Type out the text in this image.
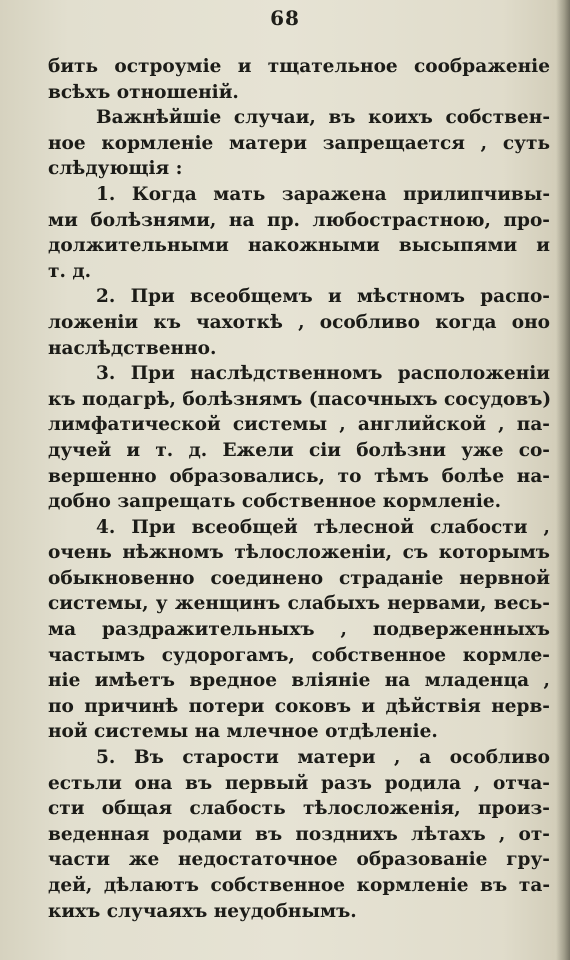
68
бить остроуміе и тщательное соображеніе
всѣхъ отношеній.
Важнѣйшіе случаи, въ коихъ собствен-
ное кормленіе матери запрещается , суть
слѣдующія :
1. Когда мать заражена прилипчивы-
ми болѣзнями, на пр. любострастною, про-
должительными накожными высыпями и
т. д.
2. При всеобщемъ и мѣстномъ распо-
ложеніи къ чахоткѣ , особливо когда оно
наслѣдственно.
3. При наслѣдственномъ расположеніи
къ подагрѣ, болѣзнямъ (пасочныхъ сосудовъ)
лимфатической системы , английской , па-
дучей и т. д. Ежели сіи болѣзни уже со-
вершенно образовались, то тѣмъ болѣе на-
добно запрещать собственное кормленіе.
4. При всеобщей тѣлесной слабости ,
очень нѣжномъ тѣлосложеніи, съ которымъ
обыкновенно соединено страданіе нервной
системы, у женщинъ слабыхъ нервами, весь-
ма раздражительныхъ , подверженныхъ
частымъ судорогамъ, собственное кормле-
ніе имѣетъ вредное вліяніе на младенца ,
по причинѣ потери соковъ и дѣйствія нерв-
ной системы на млечное отдѣленіе.
5. Въ старости матери , а особливо
естьли она въ первый разъ родила , отча-
сти общая слабость тѣлосложенія, произ-
веденная родами въ позднихъ лѣтахъ , от-
части же недостаточное образованіе гру-
дей, дѣлаютъ собственное кормленіе въ та-
кихъ случаяхъ неудобнымъ.
